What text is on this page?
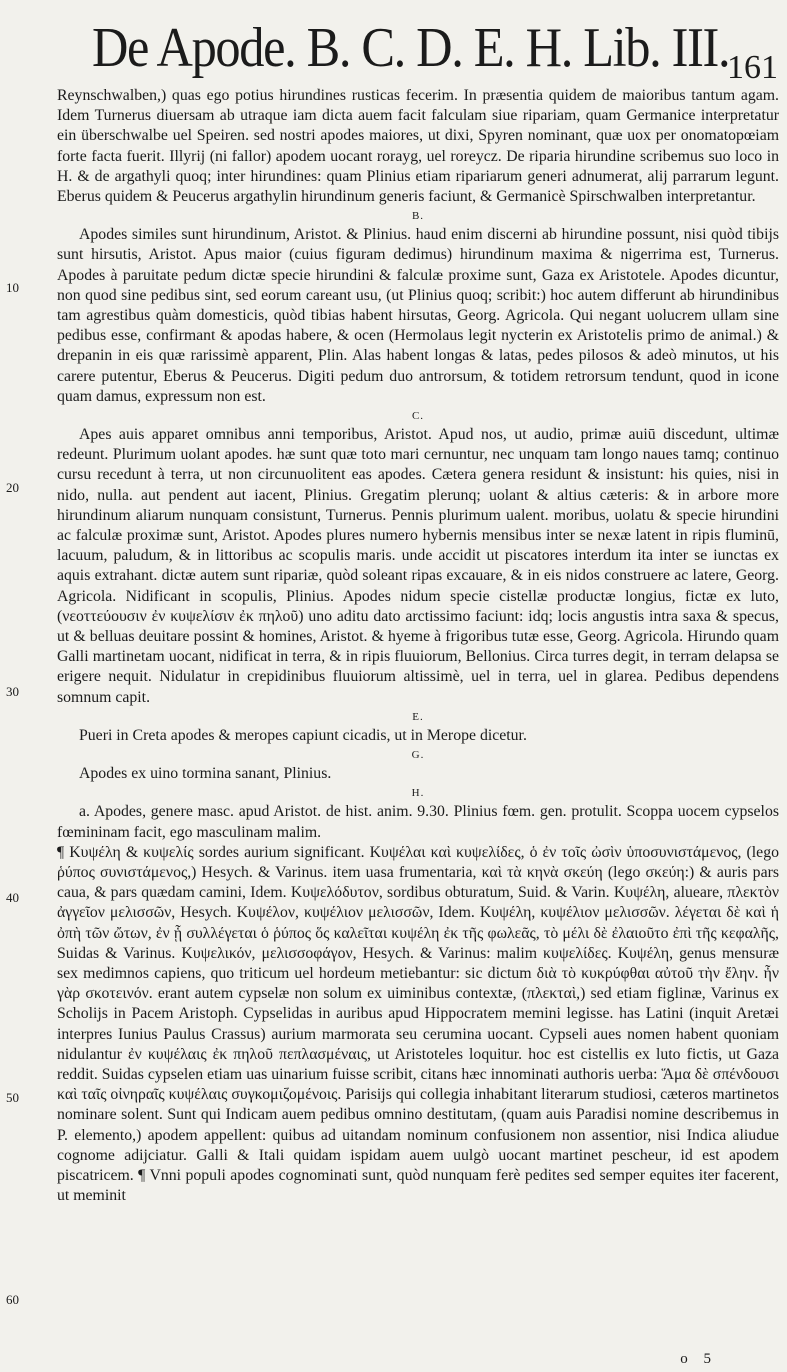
De Apode. B. C. D. E. H. Lib. III.
161
10
20
30
40
50
60

Reynschwalben,) quas ego potius hirundines rusticas fecerim. In præsentia quidem de maioribus tantum agam. Idem Turnerus diuersam ab utraque iam dicta auem facit falculam siue ripariam, quam Germanice interpretatur ein überschwalbe uel Speiren. sed nostri apodes maiores, ut dixi, Spyren nominant, quæ uox per onomatopœiam forte facta fuerit. Illyrij (ni fallor) apodem uocant rorayg, uel roreycz. De riparia hirundine scribemus suo loco in H. & de argathyli quoq; inter hirundines: quam Plinius etiam ripariarum generi adnumerat, alij parrarum legunt. Eberus quidem & Peucerus argathylin hirundinum generis faciunt, & Germanicè Spirschwalben interpretantur.

B.

Apodes similes sunt hirundinum, Aristot. & Plinius. haud enim discerni ab hirundine possunt, nisi quòd tibijs sunt hirsutis, Aristot. Apus maior (cuius figuram dedimus) hirundinum maxima & nigerrima est, Turnerus. Apodes à paruitate pedum dictæ specie hirundini & falculæ proxime sunt, Gaza ex Aristotele. Apodes dicuntur, non quod sine pedibus sint, sed eorum careant usu, (ut Plinius quoq; scribit:) hoc autem differunt ab hirundinibus tam agrestibus quàm domesticis, quòd tibias habent hirsutas, Georg. Agricola. Qui negant uolucrem ullam sine pedibus esse, confirmant & apodas habere, & ocen (Hermolaus legit nycterin ex Aristotelis primo de animal.) & drepanin in eis quæ rarissimè apparent, Plin. Alas habent longas & latas, pedes pilosos & adeò minutos, ut his carere putentur, Eberus & Peucerus. Digiti pedum duo antrorsum, & totidem retrorsum tendunt, quod in icone quam damus, expressum non est.

C.

Apes auis apparet omnibus anni temporibus, Aristot. Apud nos, ut audio, primæ auiū discedunt, ultimæ redeunt. Plurimum uolant apodes. hæ sunt quæ toto mari cernuntur, nec unquam tam longo naues tamq; continuo cursu recedunt à terra, ut non circunuolitent eas apodes. Cætera genera residunt & insistunt: his quies, nisi in nido, nulla. aut pendent aut iacent, Plinius. Gregatim plerunq; uolant & altius cæteris: & in arbore more hirundinum aliarum nunquam consistunt, Turnerus. Pennis plurimum ualent. moribus, uolatu & specie hirundini ac falculæ proximæ sunt, Aristot. Apodes plures numero hybernis mensibus inter se nexæ latent in ripis fluminū, lacuum, paludum, & in littoribus ac scopulis maris. unde accidit ut piscatores interdum ita inter se iunctas ex aquis extrahant. dictæ autem sunt ripariæ, quòd soleant ripas excauare, & in eis nidos construere ac latere, Georg. Agricola. Nidificant in scopulis, Plinius. Apodes nidum specie cistellæ productæ longius, fictæ ex luto, (νεοττεύουσιν ἐν κυψελίσιν ἐκ πηλοῦ) uno aditu dato arctissimo faciunt: idq; locis angustis intra saxa & specus, ut & belluas deuitare possint & homines, Aristot. & hyeme à frigoribus tutæ esse, Georg. Agricola. Hirundo quam Galli martinetam uocant, nidificat in terra, & in ripis fluuiorum, Bellonius. Circa turres degit, in terram delapsa se erigere nequit. Nidulatur in crepidinibus fluuiorum altissimè, uel in terra, uel in glarea. Pedibus dependens somnum capit.

E.

Pueri in Creta apodes & meropes capiunt cicadis, ut in Merope dicetur.

G.

Apodes ex uino tormina sanant, Plinius.

H.

a. Apodes, genere masc. apud Aristot. de hist. anim. 9.30. Plinius fœm. gen. protulit. Scoppa uocem cypselos fœmininam facit, ego masculinam malim.

¶ Κυψέλη & κυψελίς sordes aurium significant. Κυψέλαι καὶ κυψελίδες, ὁ ἐν τοῖς ὠσὶν ὑποσυνιστάμενος, (lego ῥύπος συνιστάμενος,) Hesych. & Varinus. item uasa frumentaria, καὶ τὰ κηνὰ σκεύη (lego σκεύη:) & auris pars caua, & pars quædam camini, Idem. Κυψελόδυτον, sordibus obturatum, Suid. & Varin. Κυψέλη, alueare, πλεκτὸν ἀγγεῖον μελισσῶν, Hesych. Κυψέλον, κυψέλιον μελισσῶν, Idem. Κυψέλη, κυψέλιον μελισσῶν. λέγεται δὲ καὶ ἡ ὀπὴ τῶν ὤτων, ἐν ᾗ συλλέγεται ὁ ῥύπος ὅς καλεῖται κυψέλη ἐκ τῆς φωλεᾶς, τὸ μέλι δὲ ἐλαιοῦτο ἐπὶ τῆς κεφαλῆς, Suidas & Varinus. Κυψελικόν, μελισσοφάγον, Hesych. & Varinus: malim κυψελίδες. Κυψέλη, genus mensuræ sex medimnos capiens, quo triticum uel hordeum metiebantur: sic dictum διὰ τὸ κυκρύφθαι αὐτοῦ τὴν ἔλην. ἦν γὰρ σκοτεινόν. erant autem cypselæ non solum ex uiminibus contextæ, (πλεκταὶ,) sed etiam figlinæ, Varinus ex Scholijs in Pacem Aristoph. Cypselidas in auribus apud Hippocratem memini legisse. has Latini (inquit Aretæi interpres Iunius Paulus Crassus) aurium marmorata seu cerumina uocant. Cypseli aues nomen habent quoniam nidulantur ἐν κυψέλαις ἐκ πηλοῦ πεπλασμέναις, ut Aristoteles loquitur. hoc est cistellis ex luto fictis, ut Gaza reddit. Suidas cypselen etiam uas uinarium fuisse scribit, citans hæc innominati authoris uerba: Ἅμα δὲ σπένδουσι καὶ ταῖς οἰνηραῖς κυψέλαις συγκομιζομένοις. Parisijs qui collegia inhabitant literarum studiosi, cæteros martinetos nominare solent. Sunt qui Indicam auem pedibus omnino destitutam, (quam auis Paradisi nomine describemus in P. elemento,) apodem appellent: quibus ad uitandam nominum confusionem non assentior, nisi Indica aliudue cognome adijciatur. Galli & Itali quidam ispidam auem uulgò uocant martinet pescheur, id est apodem piscatricem. ¶ Vnni populi apodes cognominati sunt, quòd nunquam ferè pedites sed semper equites iter facerent, ut meminit

o 5
